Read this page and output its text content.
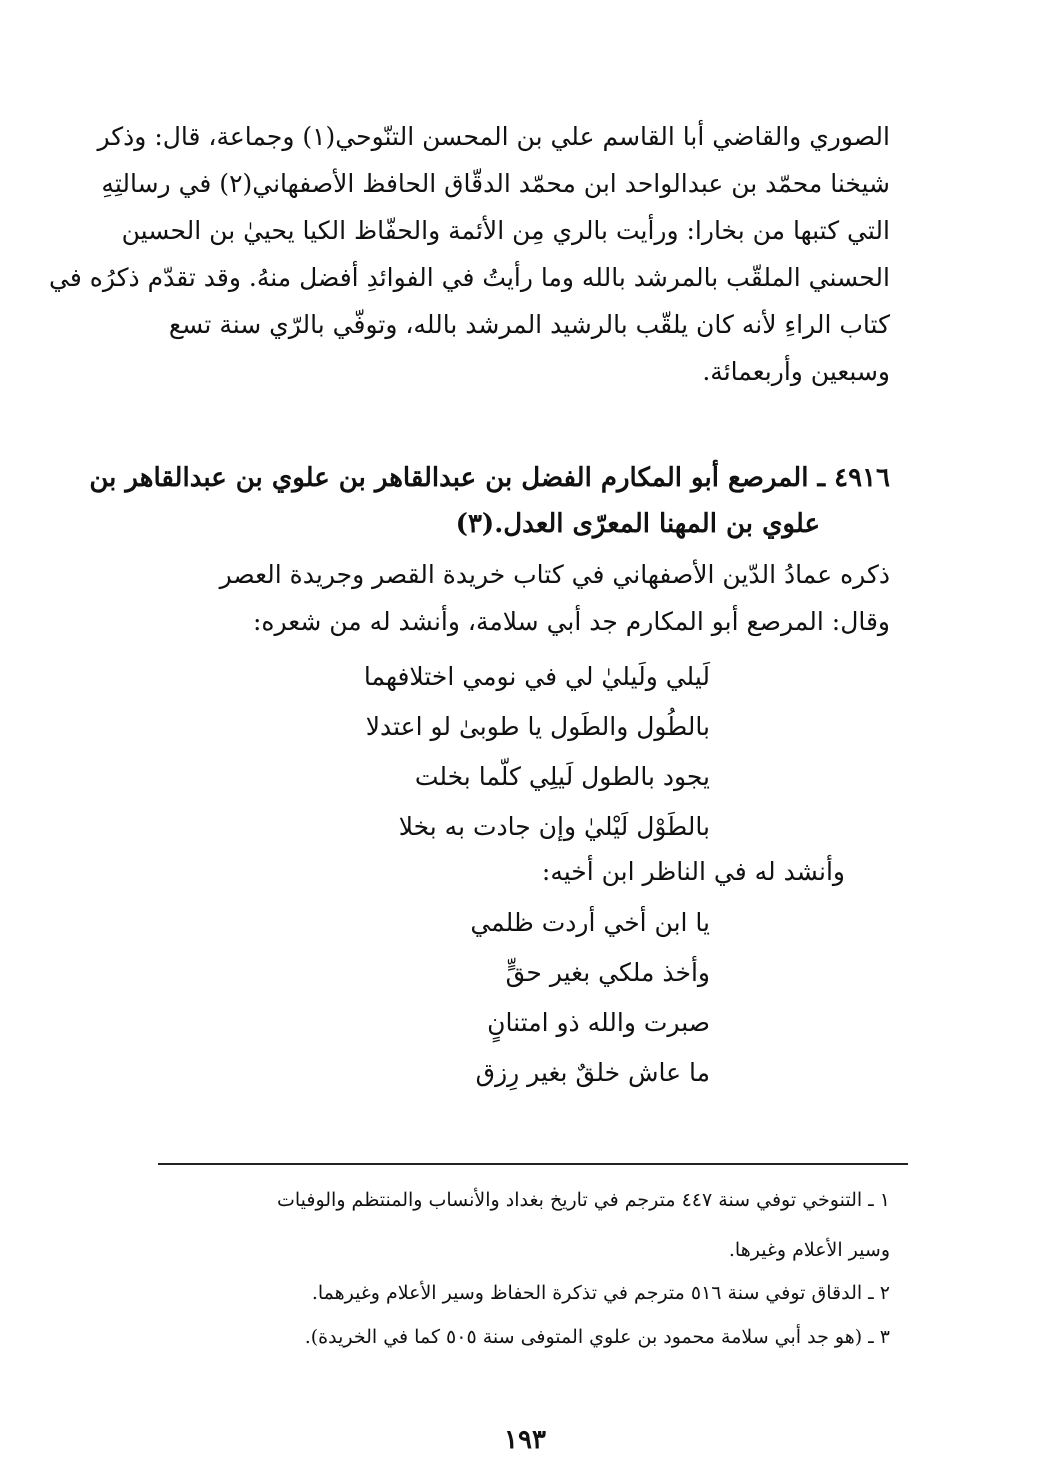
الصوري والقاضي أبا القاسم علي بن المحسن التنّوحي(١) وجماعة، قال: وذكر
شيخنا محمّد بن عبدالواحد ابن محمّد الدقّاق الحافظ الأصفهاني(٢) في رسالتِهِ
التي كتبها من بخارا: ورأيت بالري مِن الأئمة والحفّاظ الكيا يحييٰ بن الحسين
الحسني الملقّب بالمرشد بالله وما رأيتُ في الفوائدِ أفضل منهُ. وقد تقدّم ذكرُه في
كتاب الراءِ لأنه كان يلقّب بالرشيد المرشد بالله، وتوفّي بالرّي سنة تسع
وسبعين وأربعمائة.
٤٩١٦ ـ المرصع أبو المكارم الفضل بن عبدالقاهر بن علوي بن عبدالقاهر بن
علوي بن المهنا المعرّى العدل.(٣)
ذكره عمادُ الدّين الأصفهاني في كتاب خريدة القصر وجريدة العصر
وقال: المرصع أبو المكارم جد أبي سلامة، وأنشد له من شعره:
لَيلي ولَيليٰ لي في نومي اختلافهما
بالطُول والطَول يا طوبىٰ لو اعتدلا
يجود بالطول لَيلِي كلّما بخلت
بالطَوْل لَيْليٰ وإن جادت به بخلا
وأنشد له في الناظر ابن أخيه:
يا ابن أخي أردت ظلمي
وأخذ ملكي بغير حقٍّ
صبرت والله ذو امتنانٍ
ما عاش خلقٌ بغير رِزق
١ ـ التنوخي توفي سنة ٤٤٧ مترجم في تاريخ بغداد والأنساب والمنتظم والوفيات
وسير الأعلام وغيرها.
٢ ـ الدقاق توفي سنة ٥١٦ مترجم في تذكرة الحفاظ وسير الأعلام وغيرهما.
٣ ـ (هو جد أبي سلامة محمود بن علوي المتوفى سنة ٥٠٥ كما في الخريدة).
١٩٣
